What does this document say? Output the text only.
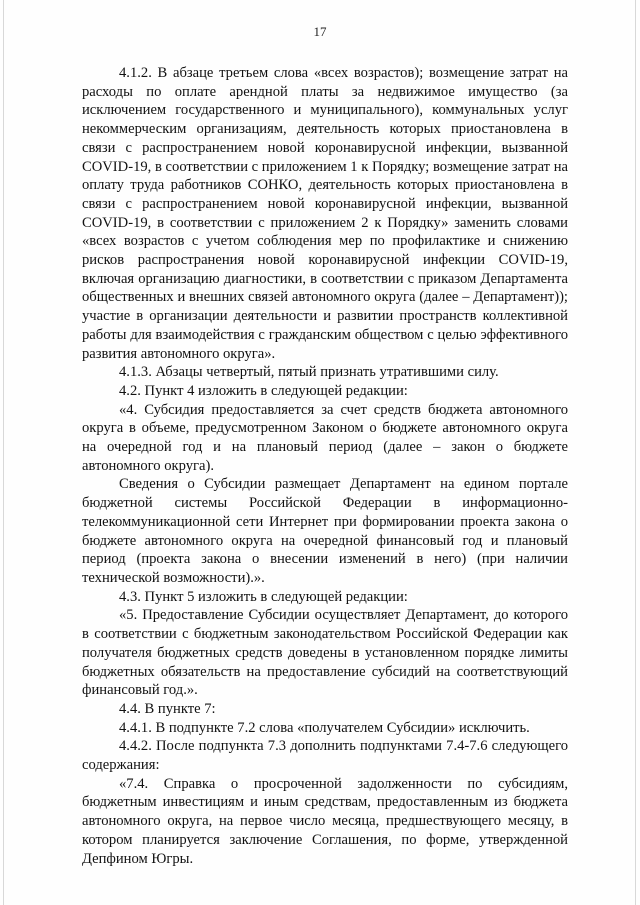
17

4.1.2. В абзаце третьем слова «всех возрастов); возмещение затрат на расходы по оплате арендной платы за недвижимое имущество (за исключением государственного и муниципального), коммунальных услуг некоммерческим организациям, деятельность которых приостановлена в связи с распространением новой коронавирусной инфекции, вызванной COVID-19, в соответствии с приложением 1 к Порядку; возмещение затрат на оплату труда работников СОНКО, деятельность которых приостановлена в связи с распространением новой коронавирусной инфекции, вызванной COVID-19, в соответствии с приложением 2 к Порядку» заменить словами «всех возрастов с учетом соблюдения мер по профилактике и снижению рисков распространения новой коронавирусной инфекции COVID-19, включая организацию диагностики, в соответствии с приказом Департамента общественных и внешних связей автономного округа (далее – Департамент)); участие в организации деятельности и развитии пространств коллективной работы для взаимодействия с гражданским обществом с целью эффективного развития автономного округа».

4.1.3. Абзацы четвертый, пятый признать утратившими силу.

4.2. Пункт 4 изложить в следующей редакции:

«4. Субсидия предоставляется за счет средств бюджета автономного округа в объеме, предусмотренном Законом о бюджете автономного округа на очередной год и на плановый период (далее – закон о бюджете автономного округа).

Сведения о Субсидии размещает Департамент на едином портале бюджетной системы Российской Федерации в информационно-телекоммуникационной сети Интернет при формировании проекта закона о бюджете автономного округа на очередной финансовый год и плановый период (проекта закона о внесении изменений в него) (при наличии технической возможности).».

4.3. Пункт 5 изложить в следующей редакции:

«5. Предоставление Субсидии осуществляет Департамент, до которого в соответствии с бюджетным законодательством Российской Федерации как получателя бюджетных средств доведены в установленном порядке лимиты бюджетных обязательств на предоставление субсидий на соответствующий финансовый год.».

4.4. В пункте 7:

4.4.1. В подпункте 7.2 слова «получателем Субсидии» исключить.

4.4.2. После подпункта 7.3 дополнить подпунктами 7.4-7.6 следующего содержания:

«7.4. Справка о просроченной задолженности по субсидиям, бюджетным инвестициям и иным средствам, предоставленным из бюджета автономного округа, на первое число месяца, предшествующего месяцу, в котором планируется заключение Соглашения, по форме, утвержденной Депфином Югры.
